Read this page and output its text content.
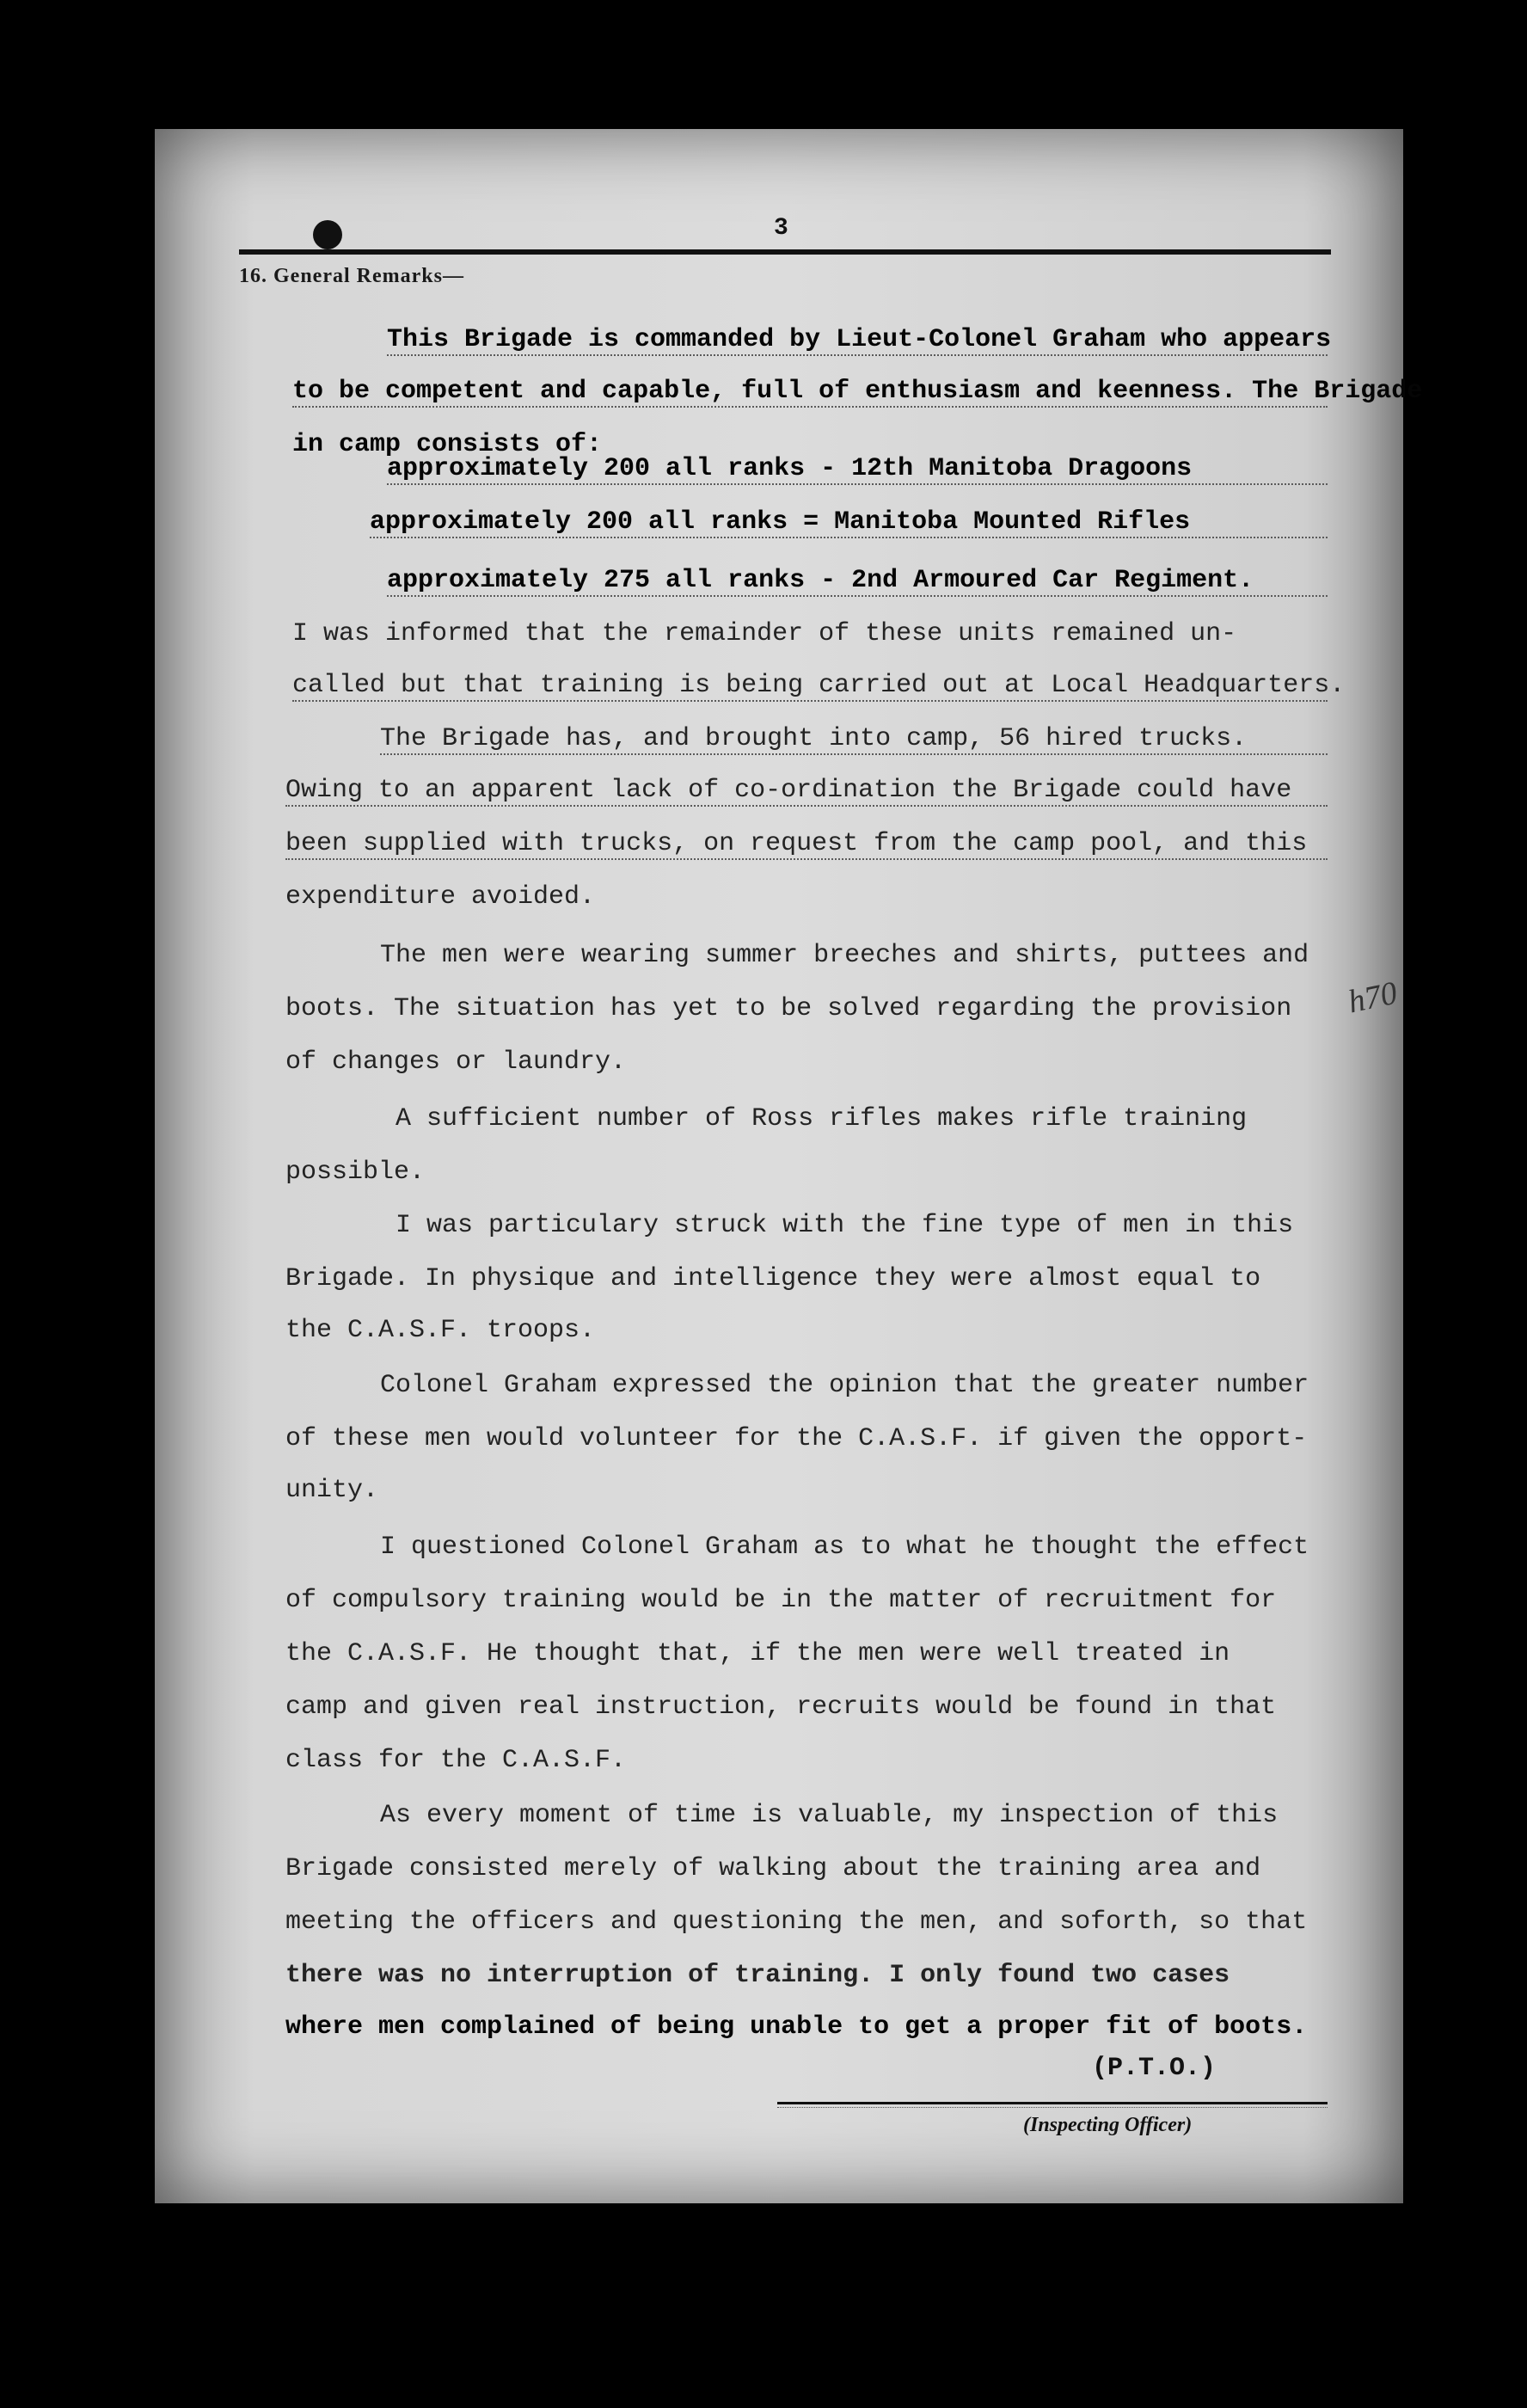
3
16. General Remarks—
This Brigade is commanded by Lieut-Colonel Graham who appears
to be competent and capable, full of enthusiasm and keenness. The Brigade
in camp consists of:
approximately 200 all ranks - 12th Manitoba Dragoons
approximately 200 all ranks = Manitoba Mounted Rifles
approximately 275 all ranks - 2nd Armoured Car Regiment.
I was informed that the remainder of these units remained un-
called but that training is being carried out at Local Headquarters.
The Brigade has, and brought into camp, 56 hired trucks.
Owing to an apparent lack of co-ordination the Brigade could have
been supplied with trucks, on request from the camp pool, and this
expenditure avoided.
The men were wearing summer breeches and shirts, puttees and
boots. The situation has yet to be solved regarding the provision
of changes or laundry.
A sufficient number of Ross rifles makes rifle training
possible.
I was particulary struck with the fine type of men in this
Brigade. In physique and intelligence they were almost equal to
the C.A.S.F. troops.
Colonel Graham expressed the opinion that the greater number
of these men would volunteer for the C.A.S.F. if given the opport-
unity.
I questioned Colonel Graham as to what he thought the effect
of compulsory training would be in the matter of recruitment for
the C.A.S.F. He thought that, if the men were well treated in
camp and given real instruction, recruits would be found in that
class for the C.A.S.F.
As every moment of time is valuable, my inspection of this
Brigade consisted merely of walking about the training area and
meeting the officers and questioning the men, and soforth, so that
there was no interruption of training. I only found two cases
where men complained of being unable to get a proper fit of boots.
(P.T.O.)
(Inspecting Officer)
h70
